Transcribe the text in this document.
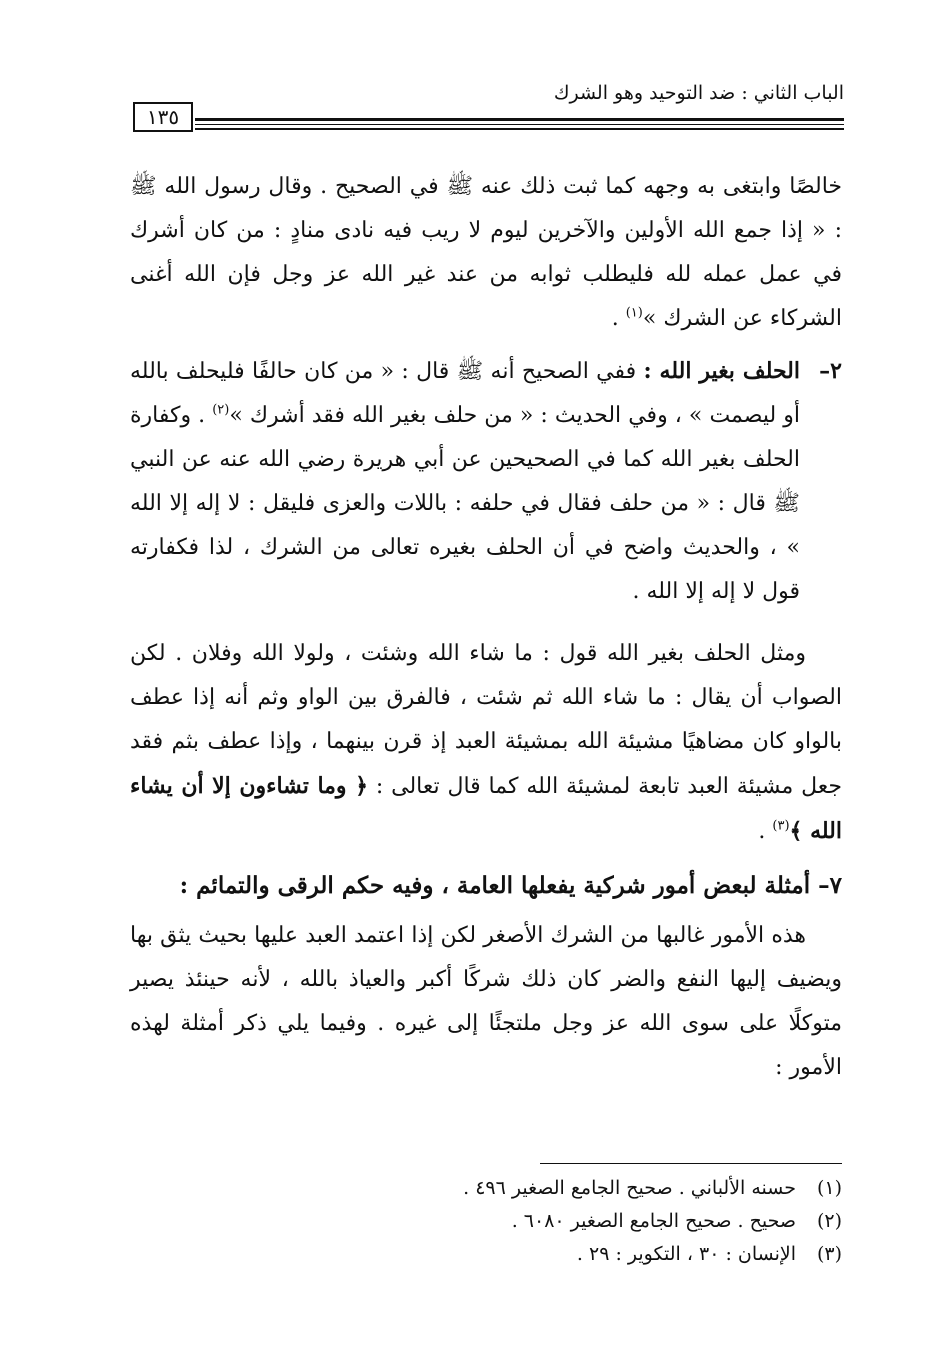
الباب الثاني : ضد التوحيد وهو الشرك
١٣٥

خالصًا وابتغى به وجهه كما ثبت ذلك عنه ﷺ في الصحيح . وقال رسول الله ﷺ : « إذا جمع الله الأولين والآخرين ليوم لا ريب فيه نادى منادٍ : من كان أشرك في عمل عمله لله فليطلب ثوابه من عند غير الله عز وجل فإن الله أغنى الشركاء عن الشرك »$^{(١)}$ .

٢–
الحلف بغير الله : ففي الصحيح أنه ﷺ قال : « من كان حالفًا فليحلف بالله أو ليصمت » ، وفي الحديث : « من حلف بغير الله فقد أشرك »$^{(٢)}$ . وكفارة الحلف بغير الله كما في الصحيحين عن أبي هريرة رضي الله عنه عن النبي ﷺ قال : « من حلف فقال في حلفه : باللات والعزى فليقل : لا إله إلا الله » ، والحديث واضح في أن الحلف بغيره تعالى من الشرك ، لذا فكفارته قول لا إله إلا الله .

ومثل الحلف بغير الله قول : ما شاء الله وشئت ، ولولا الله وفلان . لكن الصواب أن يقال : ما شاء الله ثم شئت ، فالفرق بين الواو وثم أنه إذا عطف بالواو كان مضاهيًا مشيئة الله بمشيئة العبد إذ قرن بينهما ، وإذا عطف بثم فقد جعل مشيئة العبد تابعة لمشيئة الله كما قال تعالى : ﴿ وما تشاءون إلا أن يشاء الله ﴾$^{(٣)}$ .

٧– أمثلة لبعض أمور شركية يفعلها العامة ، وفيه حكم الرقى والتمائم :

هذه الأمور غالبها من الشرك الأصغر لكن إذا اعتمد العبد عليها بحيث يثق بها ويضيف إليها النفع والضر كان ذلك شركًا أكبر والعياذ بالله ، لأنه حينئذ يصير متوكلًا على سوى الله عز وجل ملتجئًا إلى غيره . وفيما يلي ذكر أمثلة لهذه الأمور :

(١)
حسنه الألباني . صحيح الجامع الصغير ٤٩٦ .
(٢)
صحيح . صحيح الجامع الصغير ٦٠٨٠ .
(٣)
الإنسان : ٣٠ ، التكوير : ٢٩ .
